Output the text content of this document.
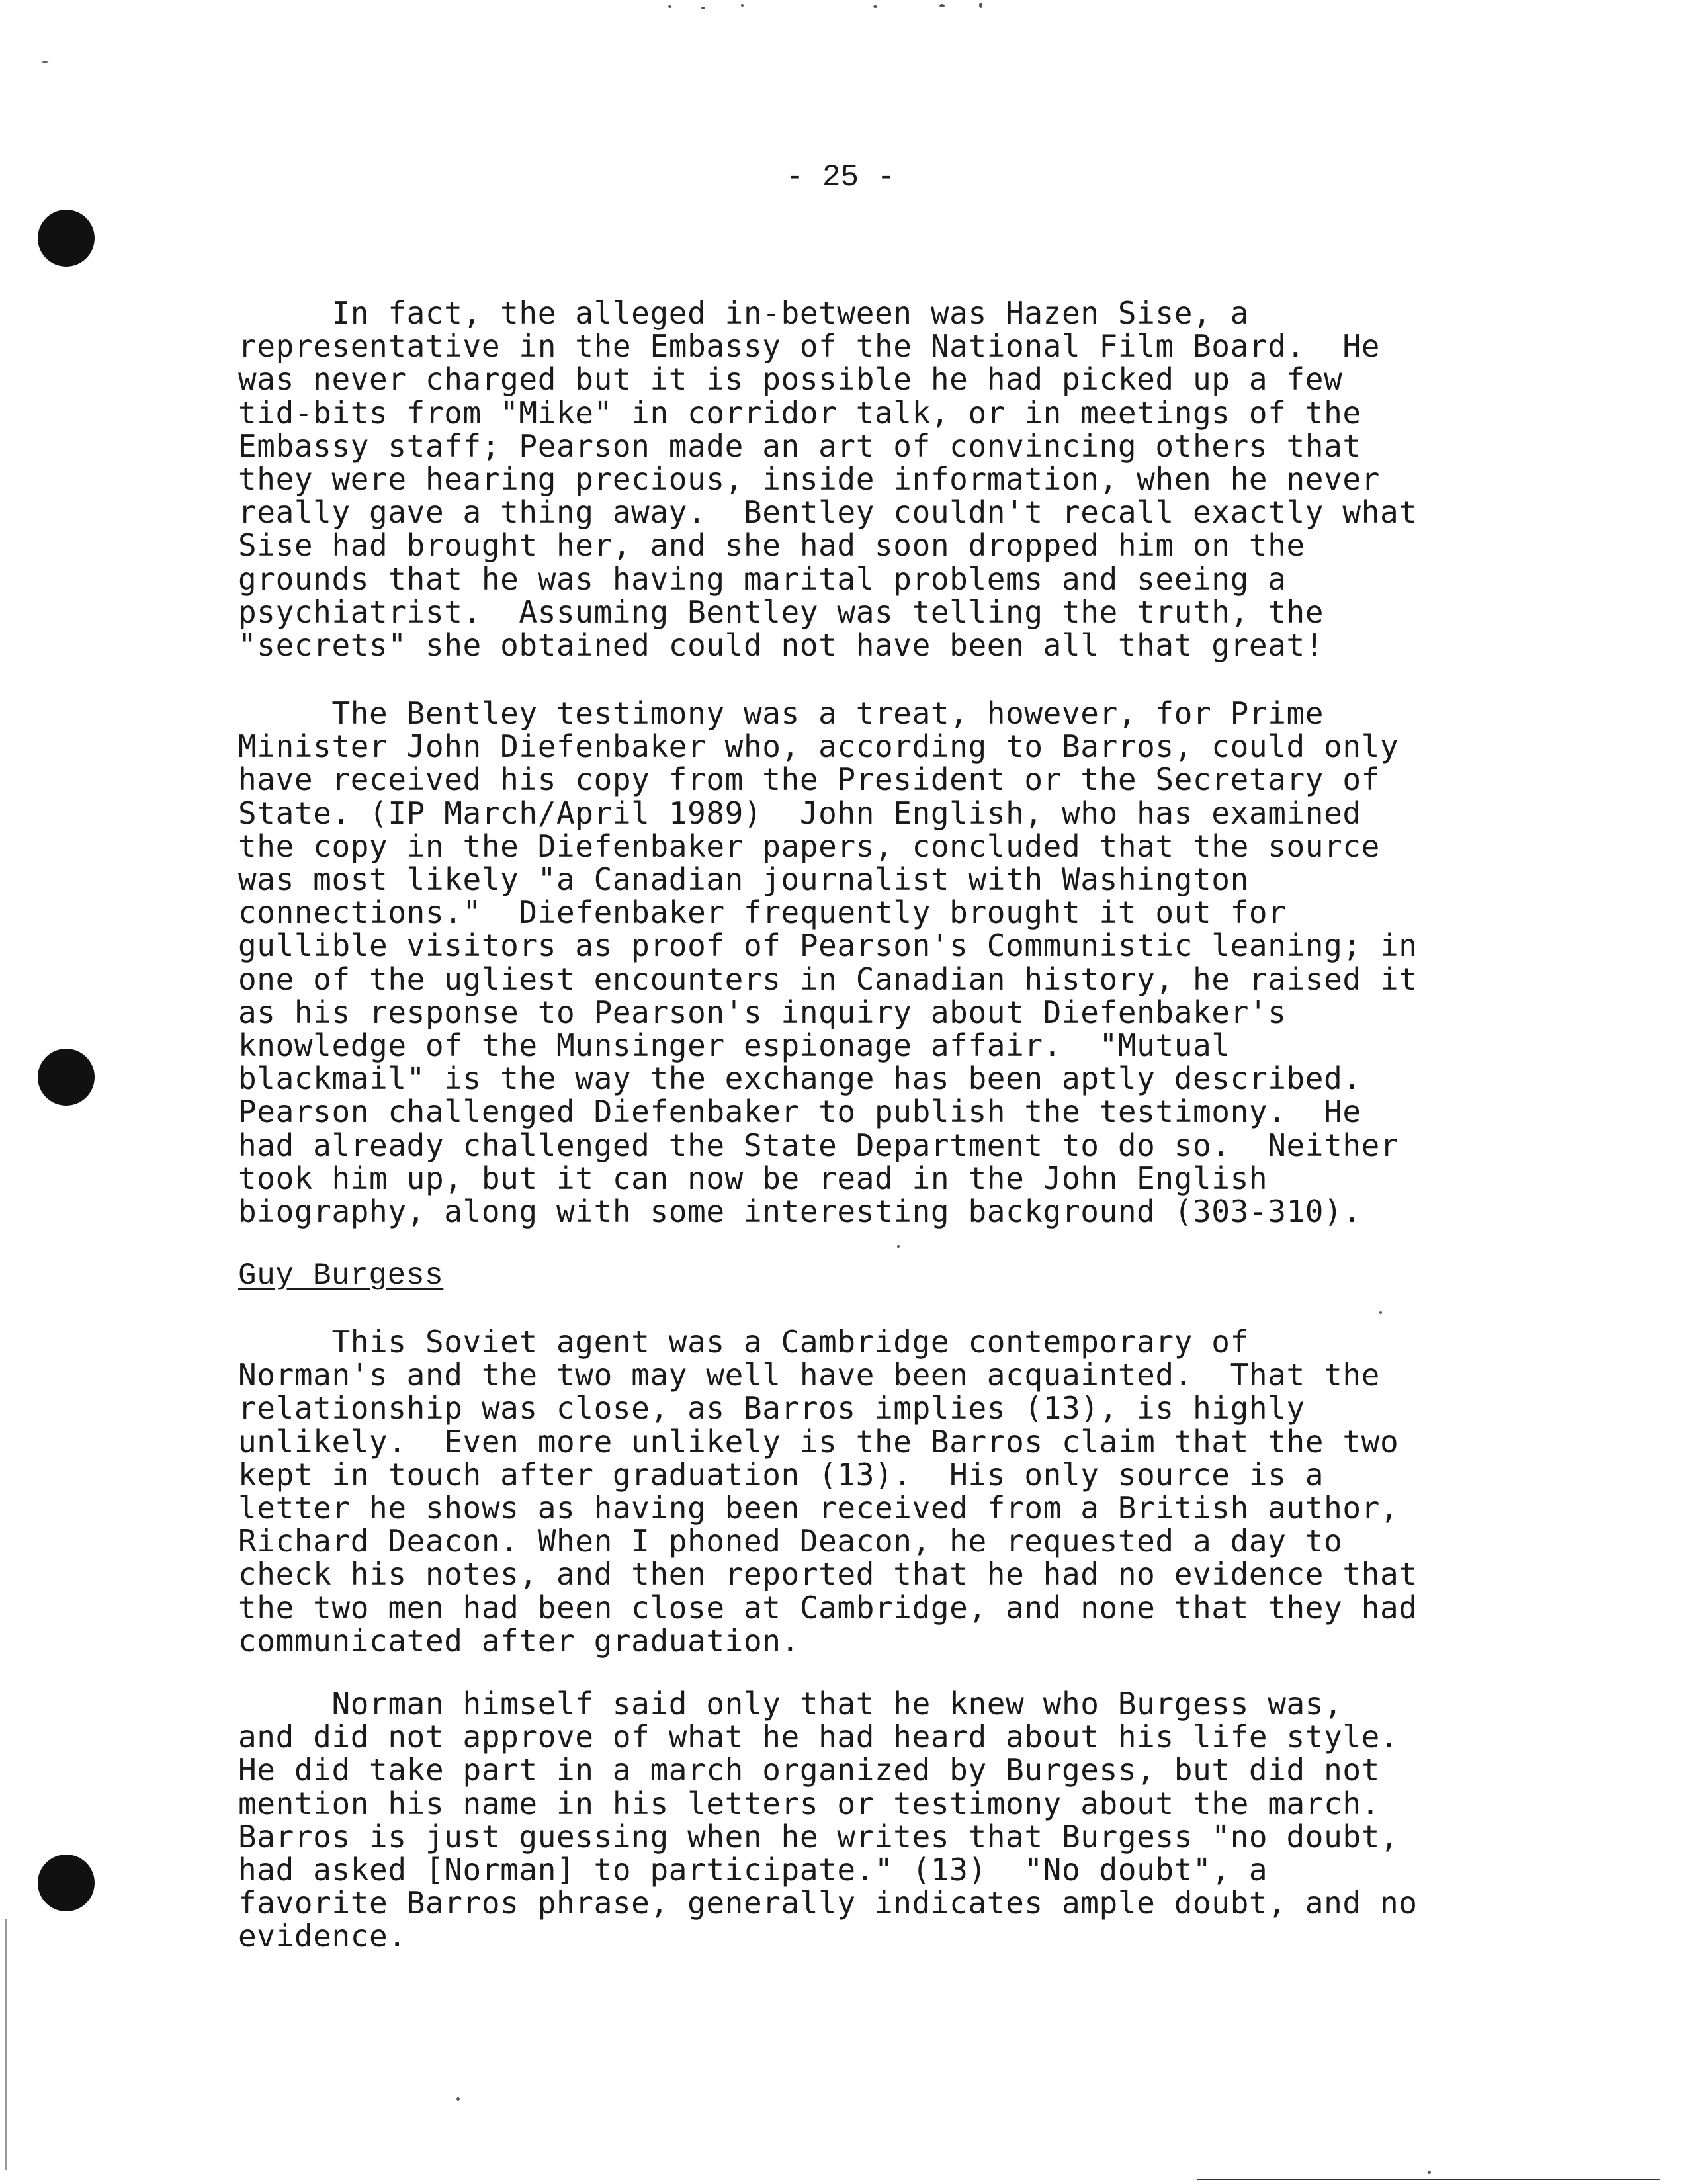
- 25 -
In fact, the alleged in-between was Hazen Sise, a
representative in the Embassy of the National Film Board.  He
was never charged but it is possible he had picked up a few
tid-bits from "Mike" in corridor talk, or in meetings of the
Embassy staff; Pearson made an art of convincing others that
they were hearing precious, inside information, when he never
really gave a thing away.  Bentley couldn't recall exactly what
Sise had brought her, and she had soon dropped him on the
grounds that he was having marital problems and seeing a
psychiatrist.  Assuming Bentley was telling the truth, the
"secrets" she obtained could not have been all that great!
The Bentley testimony was a treat, however, for Prime
Minister John Diefenbaker who, according to Barros, could only
have received his copy from the President or the Secretary of
State. (IP March/April 1989)  John English, who has examined
the copy in the Diefenbaker papers, concluded that the source
was most likely "a Canadian journalist with Washington
connections."  Diefenbaker frequently brought it out for
gullible visitors as proof of Pearson's Communistic leaning; in
one of the ugliest encounters in Canadian history, he raised it
as his response to Pearson's inquiry about Diefenbaker's
knowledge of the Munsinger espionage affair.  "Mutual
blackmail" is the way the exchange has been aptly described.
Pearson challenged Diefenbaker to publish the testimony.  He
had already challenged the State Department to do so.  Neither
took him up, but it can now be read in the John English
biography, along with some interesting background (303-310).
Guy Burgess
This Soviet agent was a Cambridge contemporary of
Norman's and the two may well have been acquainted.  That the
relationship was close, as Barros implies (13), is highly
unlikely.  Even more unlikely is the Barros claim that the two
kept in touch after graduation (13).  His only source is a
letter he shows as having been received from a British author,
Richard Deacon. When I phoned Deacon, he requested a day to
check his notes, and then reported that he had no evidence that
the two men had been close at Cambridge, and none that they had
communicated after graduation.
Norman himself said only that he knew who Burgess was,
and did not approve of what he had heard about his life style.
He did take part in a march organized by Burgess, but did not
mention his name in his letters or testimony about the march.
Barros is just guessing when he writes that Burgess "no doubt,
had asked [Norman] to participate." (13)  "No doubt", a
favorite Barros phrase, generally indicates ample doubt, and no
evidence.
